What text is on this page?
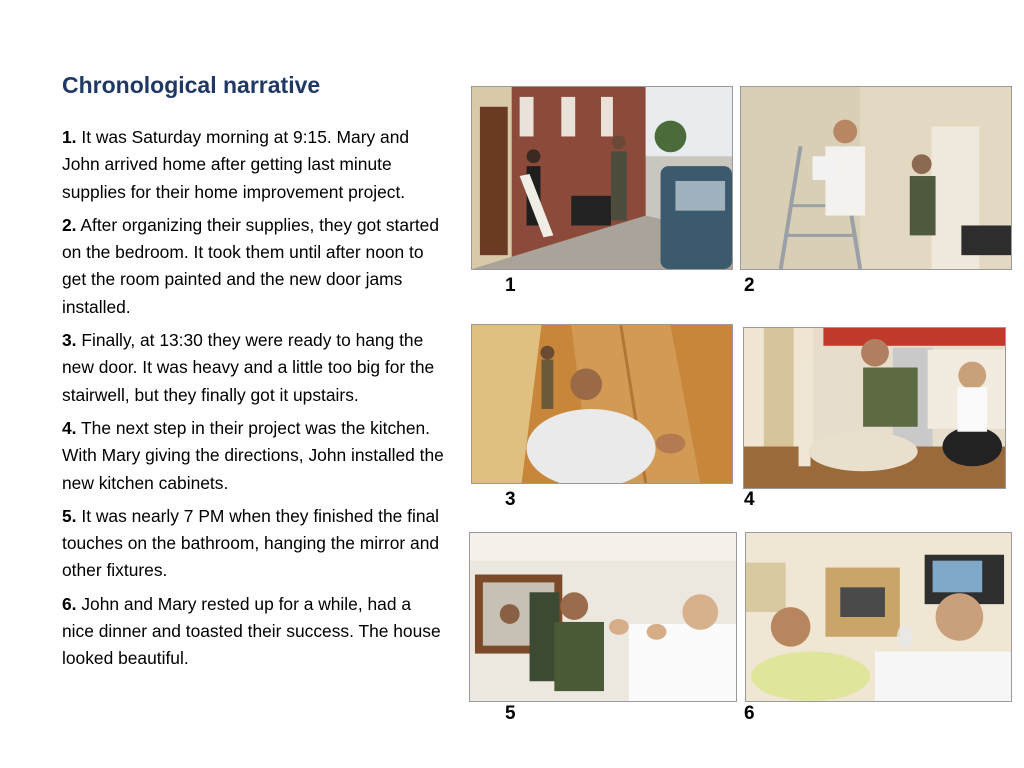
Chronological narrative

1. It was Saturday morning at 9:15. Mary and John arrived home after getting last minute supplies for their home improvement project.

2. After organizing their supplies, they got started on the bedroom. It took them until after noon to get the room painted and the new door jams installed.

3. Finally, at 13:30 they were ready to hang the new door. It was heavy and a little too big for the stairwell, but they finally got it upstairs.

4. The next step in their project was the kitchen. With Mary giving the directions, John installed the new kitchen cabinets.

5. It was nearly 7 PM when they finished the final touches on the bathroom, hanging the mirror and other fixtures.

6. John and Mary rested up for a while, had a nice dinner and toasted their success. The house looked beautiful.

1	2
3	4
5	6
